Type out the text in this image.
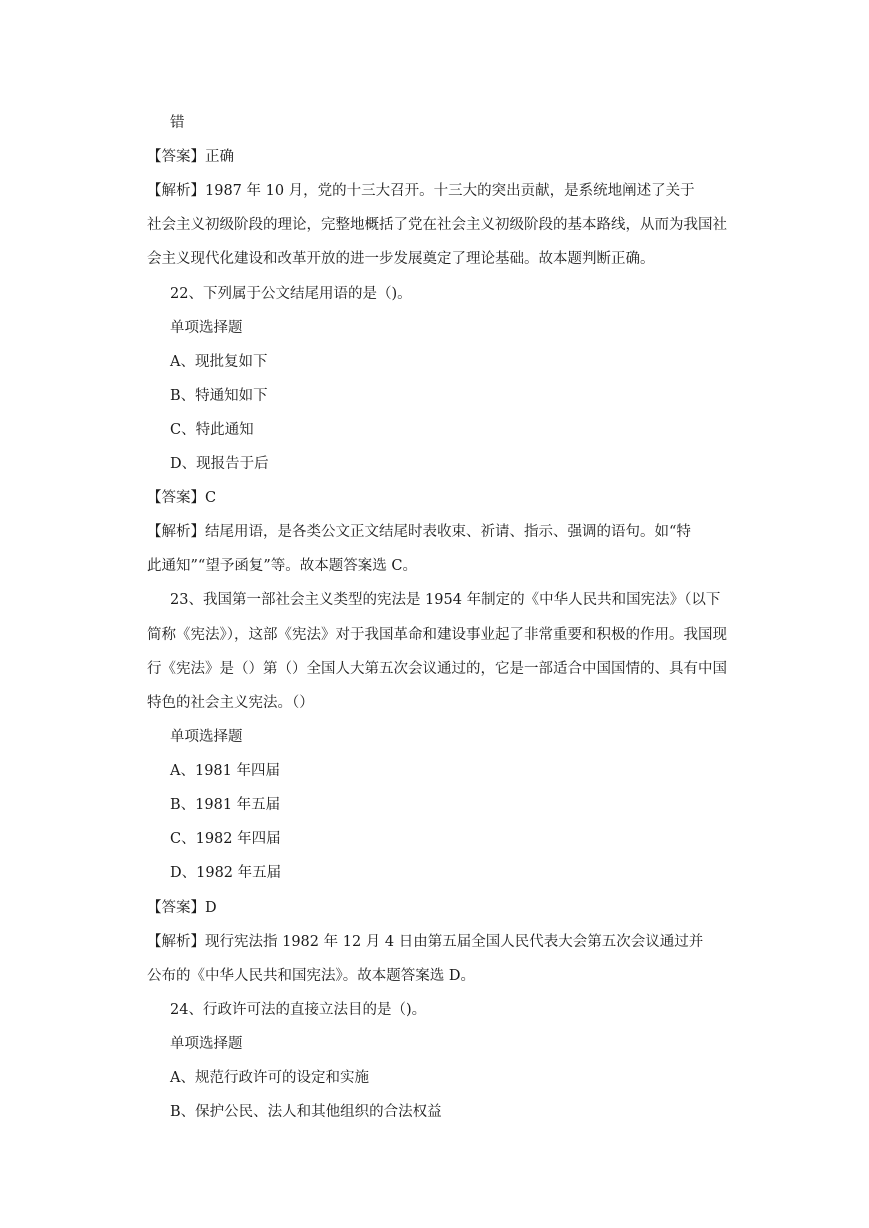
错
【答案】正确
【解析】1987 年 10 月，党的十三大召开。十三大的突出贡献，是系统地阐述了关于
社会主义初级阶段的理论，完整地概括了党在社会主义初级阶段的基本路线，从而为我国社
会主义现代化建设和改革开放的进一步发展奠定了理论基础。故本题判断正确。
22、下列属于公文结尾用语的是（)。
单项选择题
A、现批复如下
B、特通知如下
C、特此通知
D、现报告于后
【答案】C
【解析】结尾用语，是各类公文正文结尾时表收束、祈请、指示、强调的语句。如“特
此通知”“望予函复”等。故本题答案选 C。
23、我国第一部社会主义类型的宪法是 1954 年制定的《中华人民共和国宪法》（以下
简称《宪法》），这部《宪法》对于我国革命和建设事业起了非常重要和积极的作用。我国现
行《宪法》是（）第（）全国人大第五次会议通过的，它是一部适合中国国情的、具有中国
特色的社会主义宪法。（）
单项选择题
A、1981 年四届
B、1981 年五届
C、1982 年四届
D、1982 年五届
【答案】D
【解析】现行宪法指 1982 年 12 月 4 日由第五届全国人民代表大会第五次会议通过并
公布的《中华人民共和国宪法》。故本题答案选 D。
24、行政许可法的直接立法目的是（)。
单项选择题
A、规范行政许可的设定和实施
B、保护公民、法人和其他组织的合法权益
